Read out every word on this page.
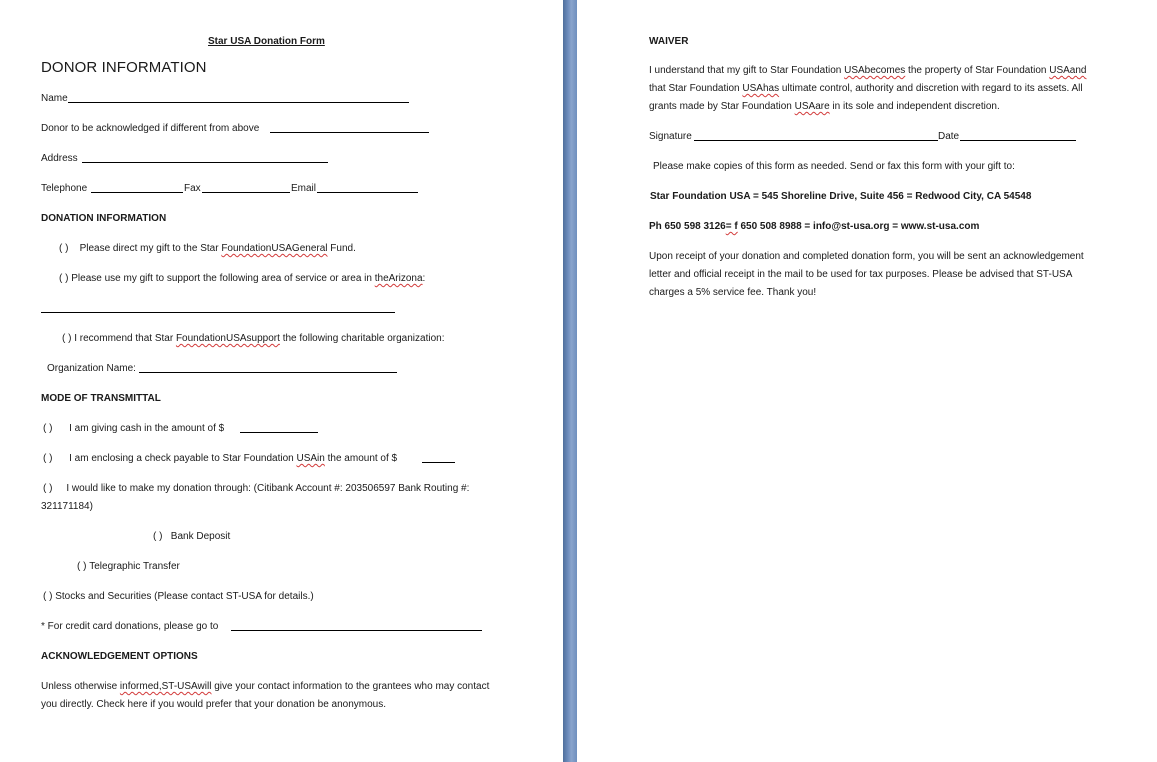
Star USA Donation Form
DONOR INFORMATION
Name
Donor to be acknowledged if different from above
Address
Telephone	Fax	Email
DONATION INFORMATION
( ) Please direct my gift to the Star FoundationUSAGeneral Fund.
( ) Please use my gift to support the following area of service or area in theArizona:
( ) I recommend that Star FoundationUSAsupport the following charitable organization:
Organization Name:
MODE OF TRANSMITTAL
( ) I am giving cash in the amount of $
( ) I am enclosing a check payable to Star Foundation USAin the amount of $
( ) I would like to make my donation through: (Citibank Account #: 203506597 Bank Routing #:
321171184)
( ) Bank Deposit
( ) Telegraphic Transfer
( ) Stocks and Securities (Please contact ST-USA for details.)
* For credit card donations, please go to
ACKNOWLEDGEMENT OPTIONS
Unless otherwise informed,ST-USAwill give your contact information to the grantees who may contact
you directly. Check here if you would prefer that your donation be anonymous.
WAIVER
I understand that my gift to Star Foundation USAbecomes the property of Star Foundation USAand
that Star Foundation USAhas ultimate control, authority and discretion with regard to its assets. All
grants made by Star Foundation USAare in its sole and independent discretion.
Signature	Date
Please make copies of this form as needed. Send or fax this form with your gift to:
Star Foundation USA = 545 Shoreline Drive, Suite 456 = Redwood City, CA 54548
Ph 650 598 3126= f 650 508 8988 = info@st-usa.org = www.st-usa.com
Upon receipt of your donation and completed donation form, you will be sent an acknowledgement
letter and official receipt in the mail to be used for tax purposes. Please be advised that ST-USA
charges a 5% service fee. Thank you!
